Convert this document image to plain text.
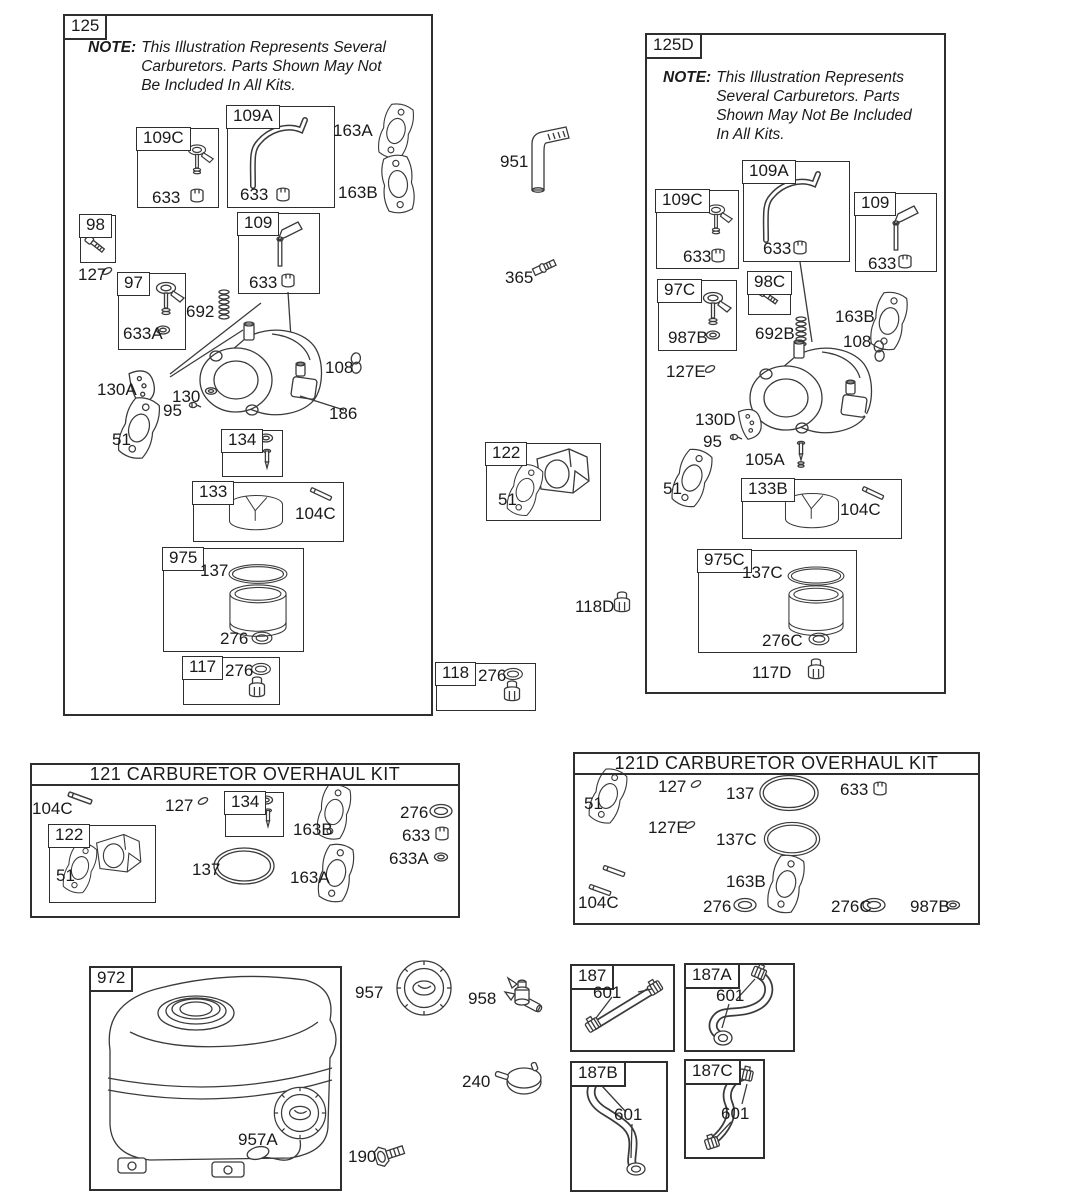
125
NOTE: This Illustration Represents Several
Carburetors. Parts Shown May Not
Be Included In All Kits.
109C
109A
98
97
109
134
133
975
117
122
118
125D
NOTE: This Illustration Represents
Several Carburetors. Parts
Shown May Not Be Included
In All Kits.
109C
109A
109
97C	98C
133B
975C
121 CARBURETOR OVERHAUL KIT
134
122
121D CARBURETOR OVERHAUL KIT
972	187	187A
187B	187C
633	633
163A
163B
127
633A
692
633
108
130A 130
95
51
186
104C
137
276
276
951
365
51
118D
276
633	633
633
987B	692B
163B
108
127E
130D
95
105A
51
104C
137C
276C
117D
104C	127
163B
276
633
633A
51	137	163A
51
127 137	633
127E
137C
104C
163B
276	276C 987B
957A
957	958
240
190
601	601
601	601
